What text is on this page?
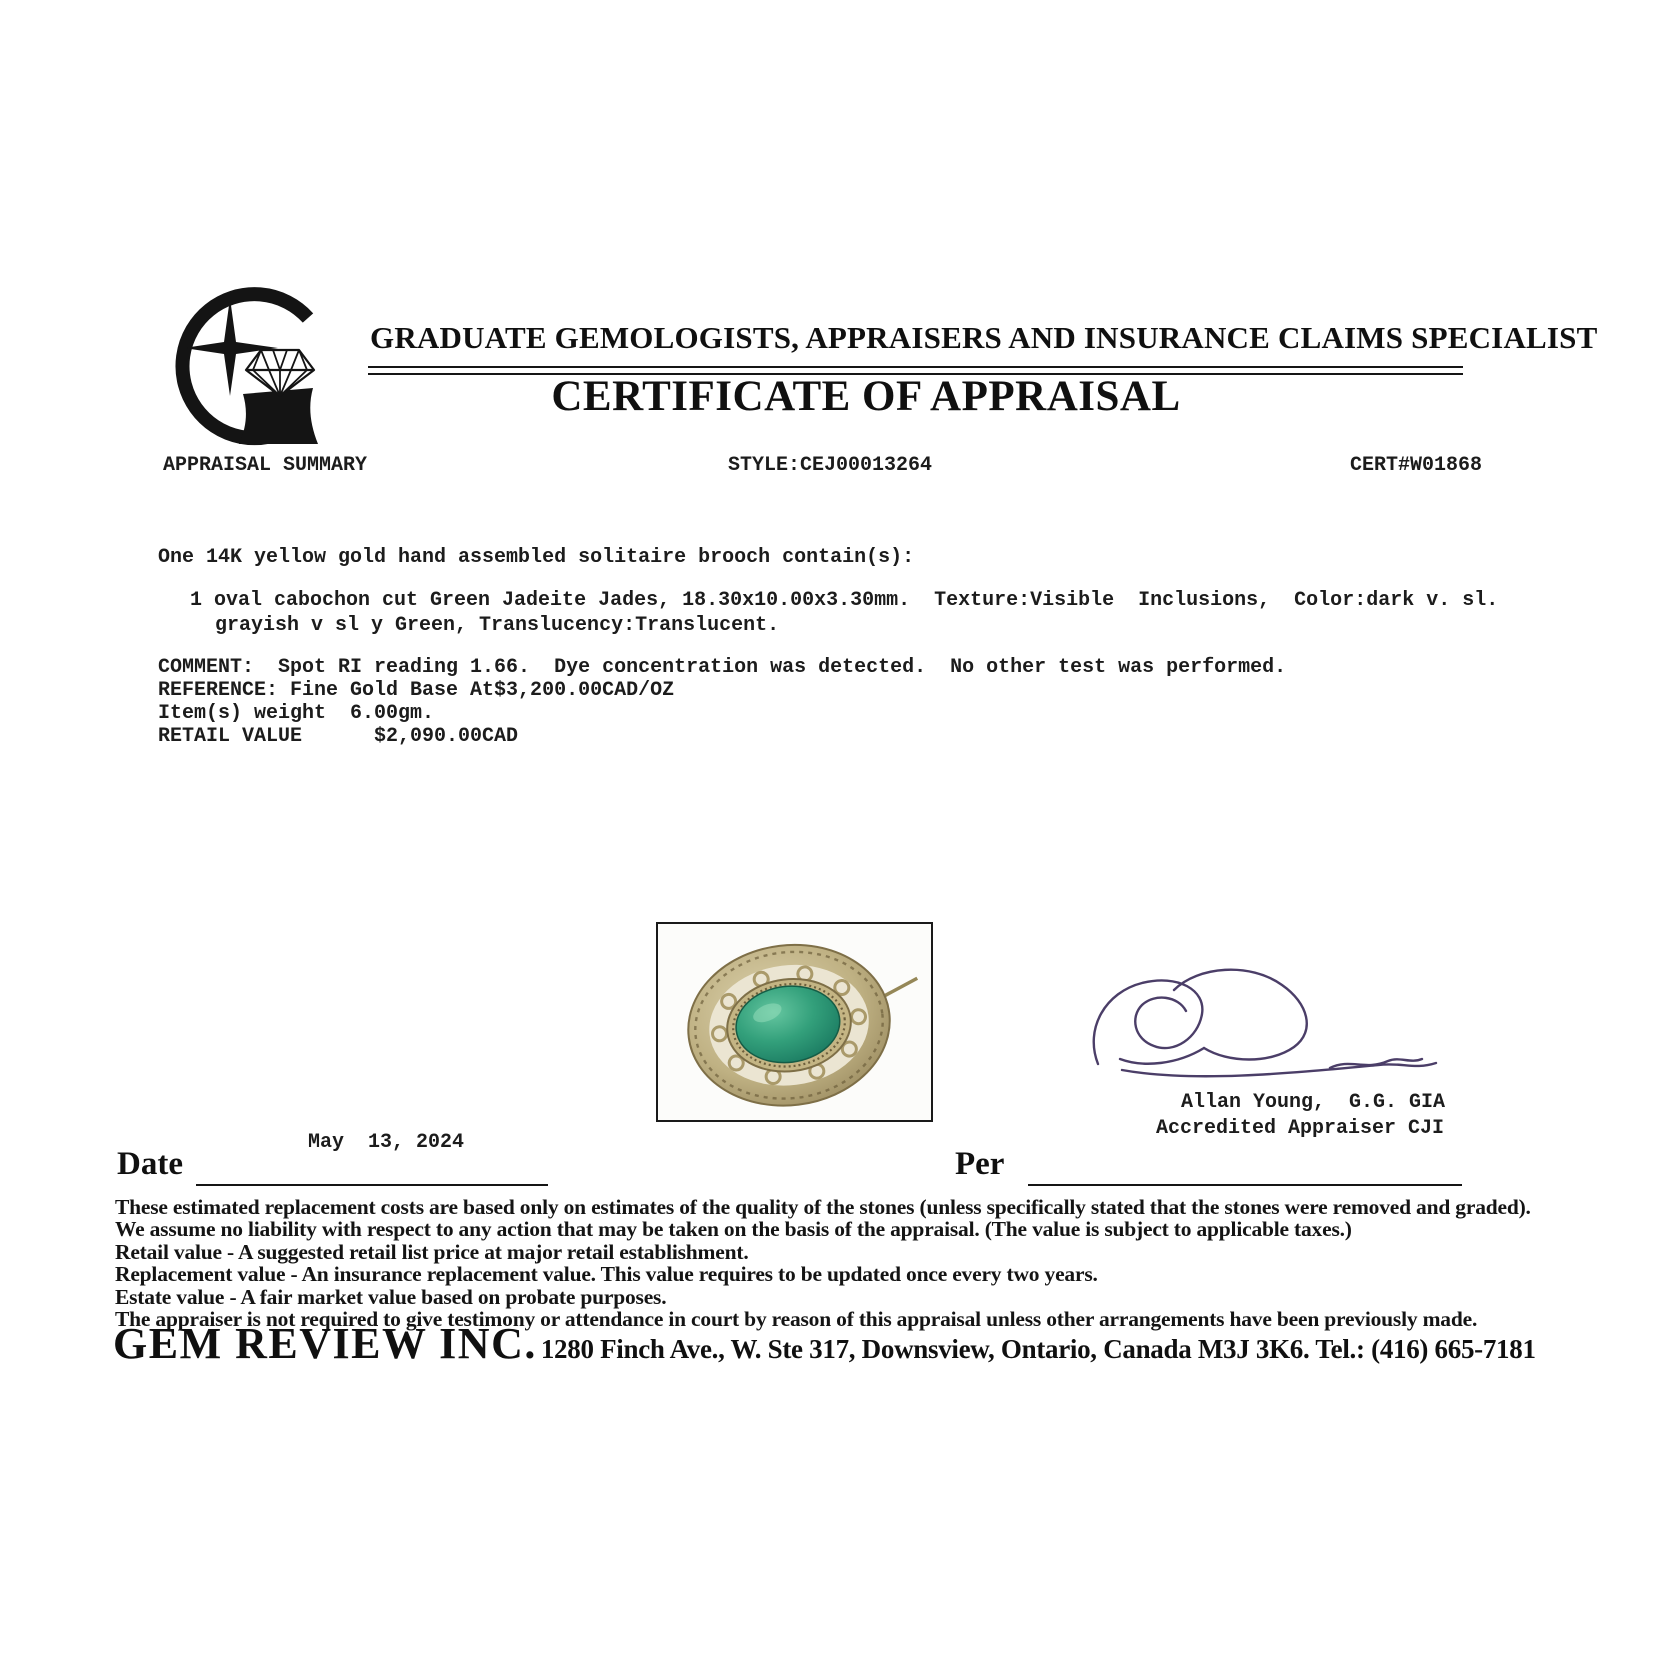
GRADUATE GEMOLOGISTS, APPRAISERS AND INSURANCE CLAIMS SPECIALIST
CERTIFICATE OF APPRAISAL
APPRAISAL SUMMARY	STYLE:CEJ00013264	CERT#W01868
One 14K yellow gold hand assembled solitaire brooch contain(s):
1 oval cabochon cut Green Jadeite Jades, 18.30x10.00x3.30mm.  Texture:Visible  Inclusions,  Color:dark v. sl.
grayish v sl y Green, Translucency:Translucent.
COMMENT:  Spot RI reading 1.66.  Dye concentration was detected.  No other test was performed.
REFERENCE: Fine Gold Base At$3,200.00CAD/OZ
Item(s) weight  6.00gm.
RETAIL VALUE	$2,090.00CAD
Allan Young,  G.G. GIA
Accredited Appraiser CJI
May  13, 2024
Date	Per
These estimated replacement costs are based only on estimates of the quality of the stones (unless specifically stated that the stones were removed and graded).
We assume no liability with respect to any action that may be taken on the basis of the appraisal. (The value is subject to applicable taxes.)
Retail value - A suggested retail list price at major retail establishment.
Replacement value - An insurance replacement value. This value requires to be updated once every two years.
Estate value - A fair market value based on probate purposes.
The appraiser is not required to give testimony or attendance in court by reason of this appraisal unless other arrangements have been previously made.
GEM REVIEW INC. 1280 Finch Ave., W. Ste 317, Downsview, Ontario, Canada M3J 3K6. Tel.: (416) 665-7181
